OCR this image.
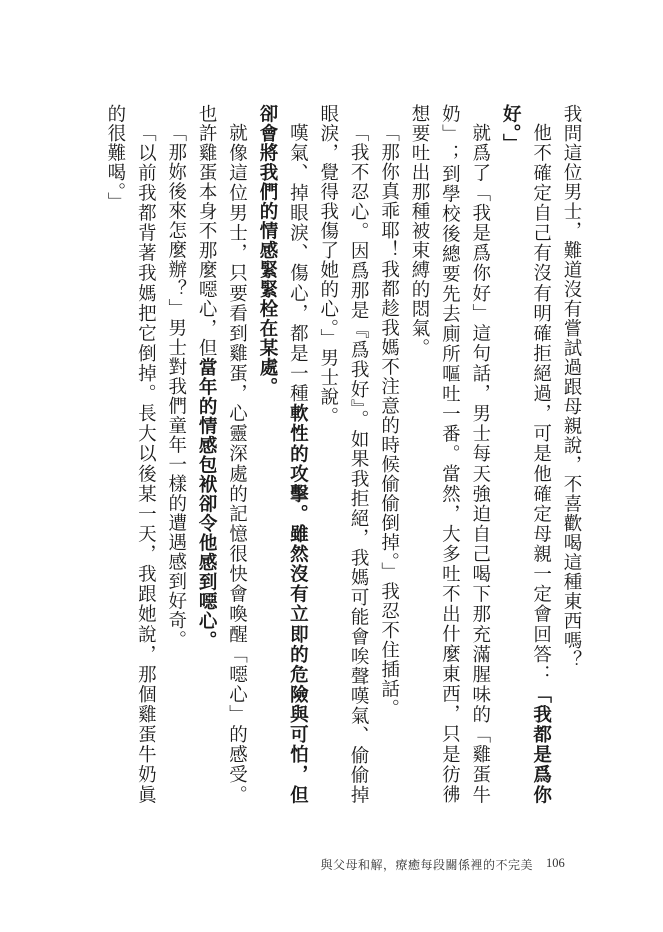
我問這位男士，難道沒有嘗試過跟母親說，不喜歡喝這種東西嗎？

他不確定自己有沒有明確拒絕過，可是他確定母親一定會回答：「我都是爲你好。」

就爲了「我是爲你好」這句話，男士每天強迫自己喝下那充滿腥味的「雞蛋牛奶」；到學校後總要先去廁所嘔吐一番。當然，大多吐不出什麼東西，只是彷彿想要吐出那種被束縛的悶氣。

「那你真乖耶！我都趁我媽不注意的時候偷偷倒掉。」我忍不住插話。

「我不忍心。因爲那是『爲我好』。如果我拒絕，我媽可能會唉聲嘆氣、偷偷掉眼淚，覺得我傷了她的心。」男士說。

嘆氣、掉眼淚、傷心，都是一種軟性的攻擊。雖然沒有立即的危險與可怕，但卻會將我們的情感緊緊栓在某處。

就像這位男士，只要看到雞蛋，心靈深處的記憶很快會喚醒「噁心」的感受。也許雞蛋本身不那麼噁心，但當年的情感包袱卻令他感到噁心。

「那妳後來怎麼辦？」男士對我們童年一樣的遭遇感到好奇。

「以前我都背著我媽把它倒掉。長大以後某一天，我跟她說，那個雞蛋牛奶眞的很難喝。」

與父母和解，療癒每段關係裡的不完美 106
